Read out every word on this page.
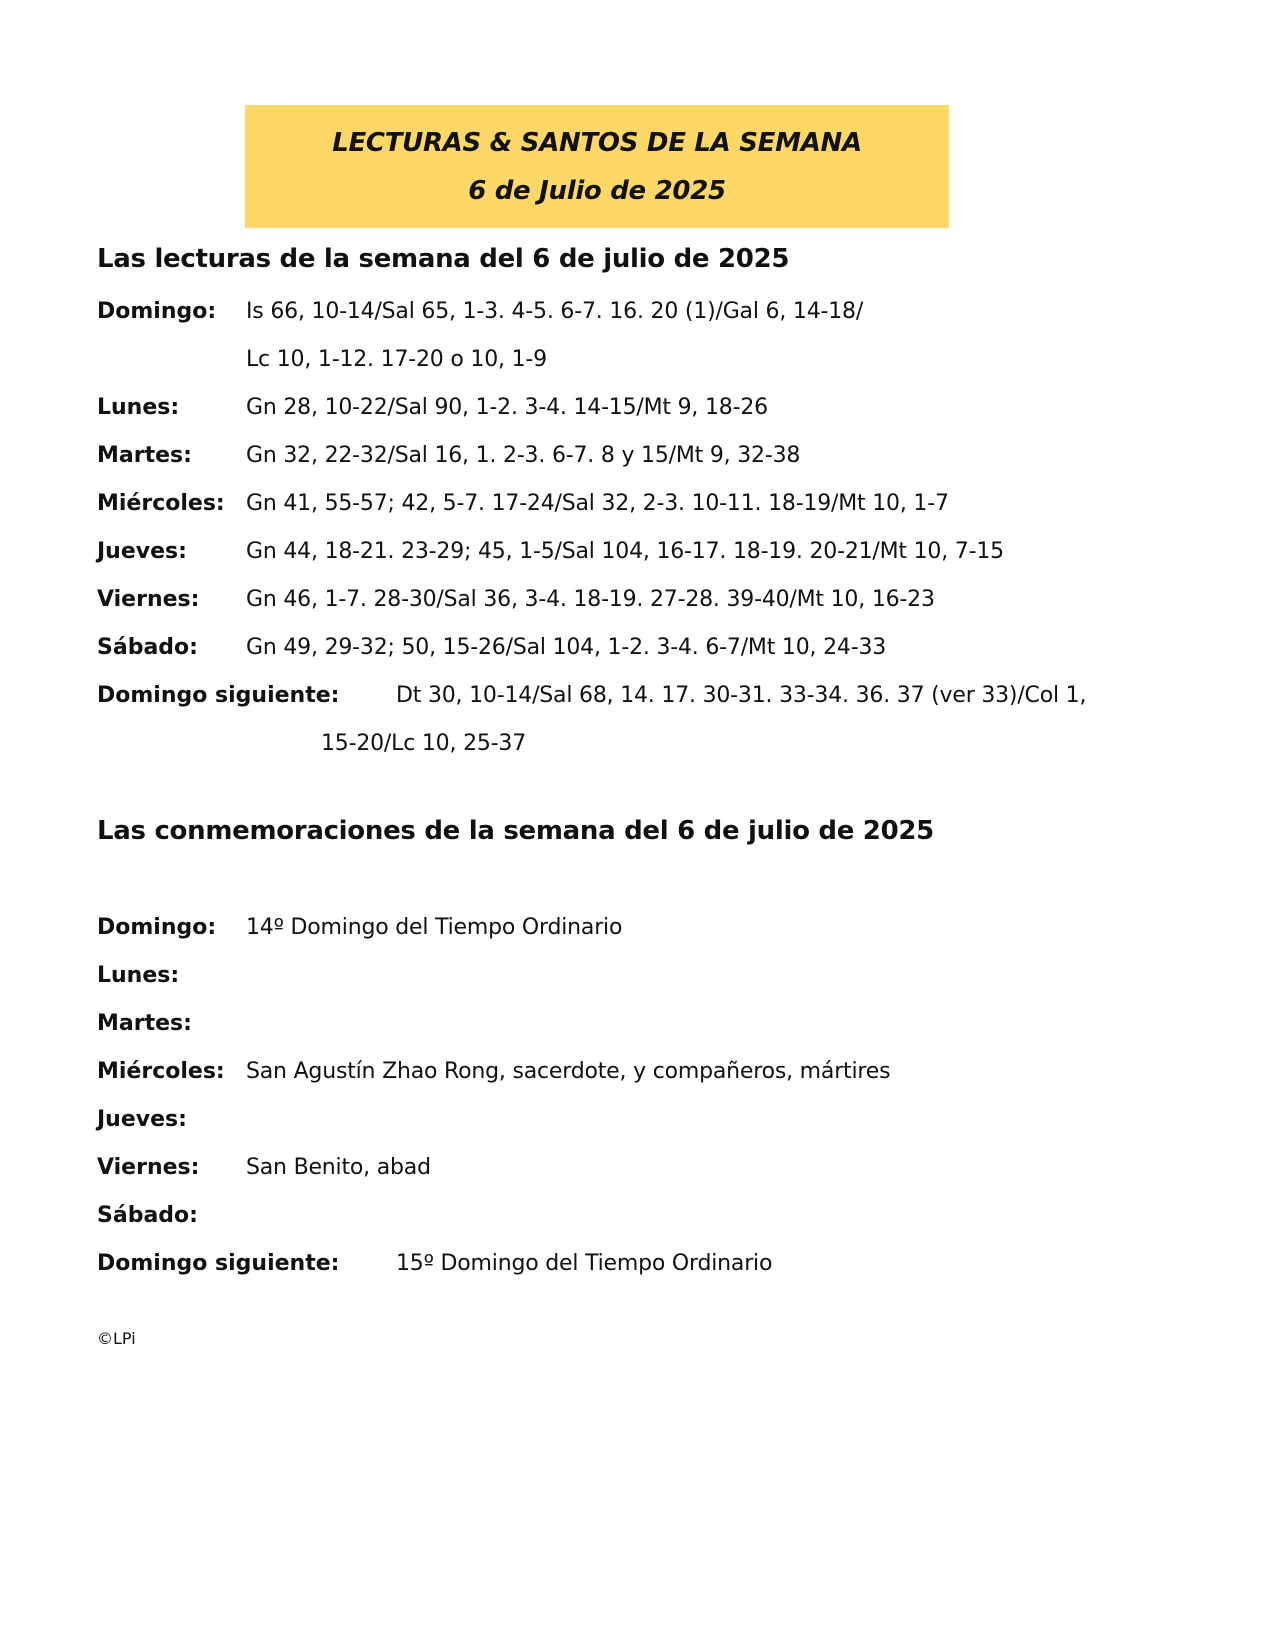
LECTURAS & SANTOS DE LA SEMANA
6 de Julio de 2025
Las lecturas de la semana del 6 de julio de 2025
Domingo: Is 66, 10-14/Sal 65, 1-3. 4-5. 6-7. 16. 20 (1)/Gal 6, 14-18/
Lc 10, 1-12. 17-20 o 10, 1-9
Lunes:	Gn 28, 10-22/Sal 90, 1-2. 3-4. 14-15/Mt 9, 18-26
Martes: Gn 32, 22-32/Sal 16, 1. 2-3. 6-7. 8 y 15/Mt 9, 32-38
Miércoles: Gn 41, 55-57; 42, 5-7. 17-24/Sal 32, 2-3. 10-11. 18-19/Mt 10, 1-7
Jueves:	Gn 44, 18-21. 23-29; 45, 1-5/Sal 104, 16-17. 18-19. 20-21/Mt 10, 7-15
Viernes: Gn 46, 1-7. 28-30/Sal 36, 3-4. 18-19. 27-28. 39-40/Mt 10, 16-23
Sábado: Gn 49, 29-32; 50, 15-26/Sal 104, 1-2. 3-4. 6-7/Mt 10, 24-33
Domingo siguiente:	Dt 30, 10-14/Sal 68, 14. 17. 30-31. 33-34. 36. 37 (ver 33)/Col 1,
15-20/Lc 10, 25-37
Las conmemoraciones de la semana del 6 de julio de 2025
Domingo: 14º Domingo del Tiempo Ordinario
Lunes:
Martes:
Miércoles: San Agustín Zhao Rong, sacerdote, y compañeros, mártires
Jueves:
Viernes: San Benito, abad
Sábado:
Domingo siguiente:	15º Domingo del Tiempo Ordinario
©LPi
